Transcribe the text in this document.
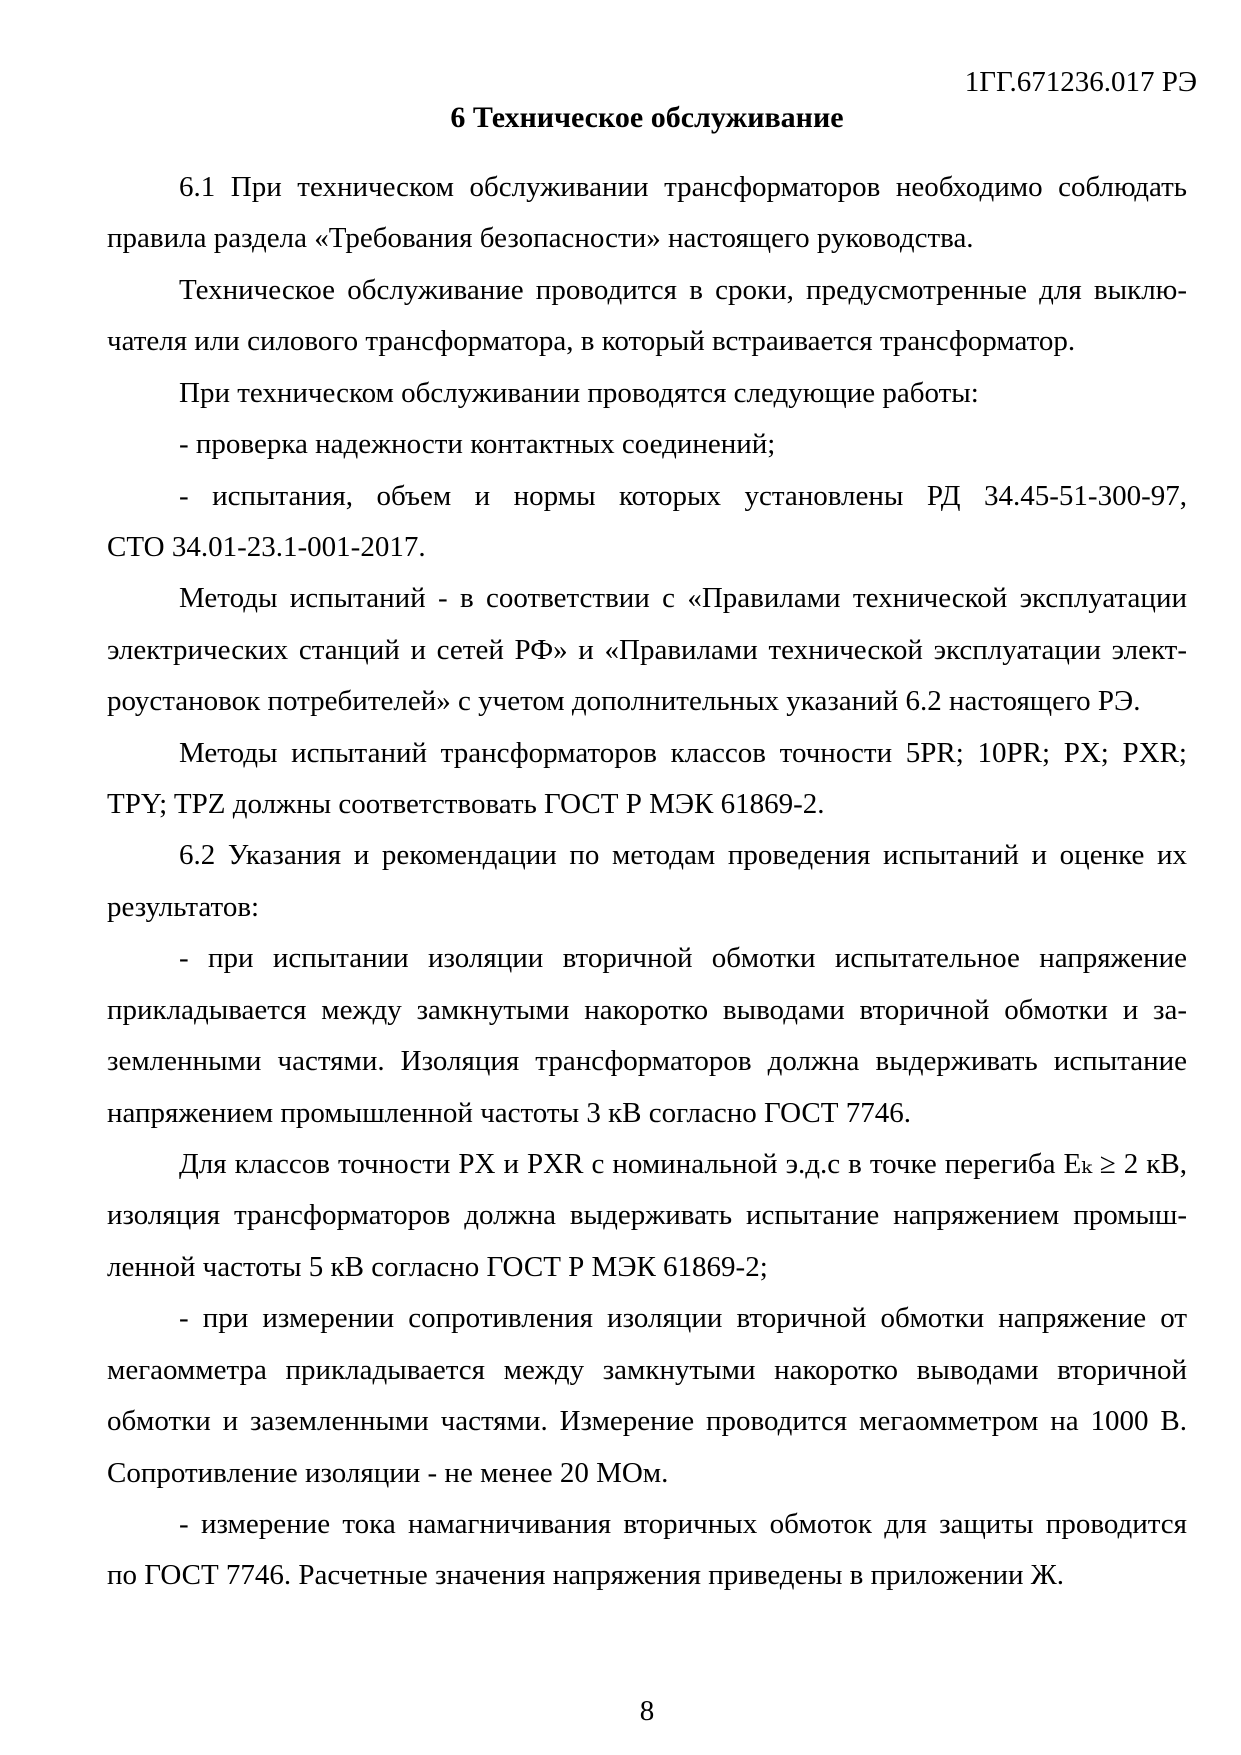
1ГГ.671236.017 РЭ
6 Техническое обслуживание
6.1 При техническом обслуживании трансформаторов необходимо соблюдать
правила раздела «Требования безопасности» настоящего руководства.
Техническое обслуживание проводится в сроки, предусмотренные для выклю-
чателя или силового трансформатора, в который встраивается трансформатор.
При техническом обслуживании проводятся следующие работы:
- проверка надежности контактных соединений;
- испытания, объем и нормы которых установлены РД 34.45-51-300-97,
СТО 34.01-23.1-001-2017.
Методы испытаний - в соответствии с «Правилами технической эксплуатации
электрических станций и сетей РФ» и «Правилами технической эксплуатации элект-
роустановок потребителей» с учетом дополнительных указаний 6.2 настоящего РЭ.
Методы испытаний трансформаторов классов точности 5PR; 10PR; PX; PXR;
TPY; TPZ должны соответствовать ГОСТ Р МЭК 61869-2.
6.2 Указания и рекомендации по методам проведения испытаний и оценке их
результатов:
- при испытании изоляции вторичной обмотки испытательное напряжение
прикладывается между замкнутыми накоротко выводами вторичной обмотки и за-
земленными частями. Изоляция трансформаторов должна выдерживать испытание
напряжением промышленной частоты 3 кВ согласно ГОСТ 7746.
Для классов точности PX и PXR с номинальной э.д.с в точке перегиба Eₖ ≥ 2 кВ,
изоляция трансформаторов должна выдерживать испытание напряжением промыш-
ленной частоты 5 кВ согласно ГОСТ Р МЭК 61869-2;
- при измерении сопротивления изоляции вторичной обмотки напряжение от
мегаомметра прикладывается между замкнутыми накоротко выводами вторичной
обмотки и заземленными частями. Измерение проводится мегаомметром на 1000 В.
Сопротивление изоляции - не менее 20 МОм.
- измерение тока намагничивания вторичных обмоток для защиты проводится
по ГОСТ 7746. Расчетные значения напряжения приведены в приложении Ж.
8
